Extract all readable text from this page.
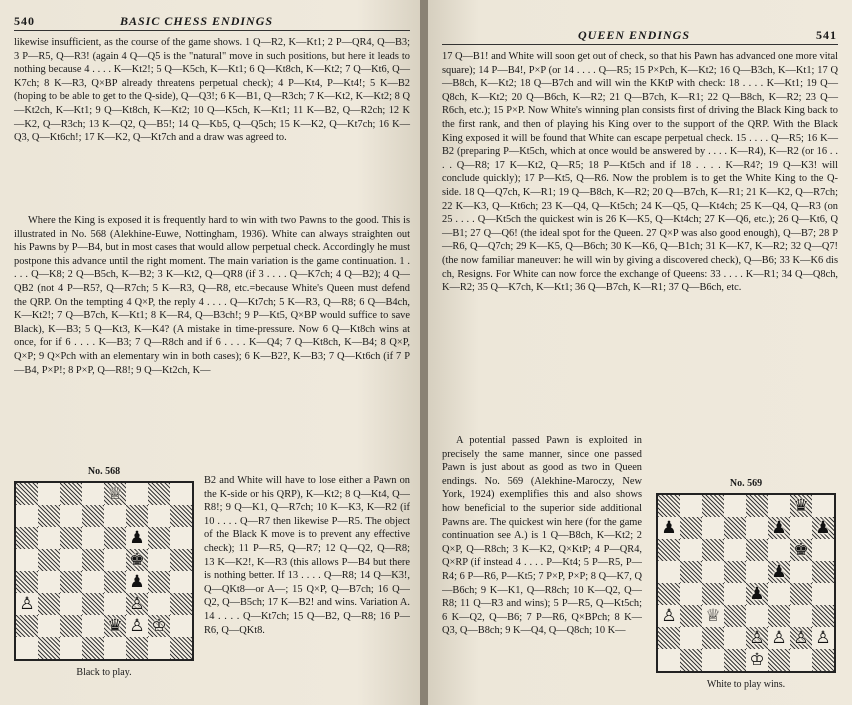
540	BASIC CHESS ENDINGS

likewise insufficient, as the course of the game shows. 1 Q—R2, K—Kt1; 2 P—QR4, Q—B3; 3 P—R5, Q—R3! (again 4 Q—Q5 is the "natural" move in such positions, but here it leads to nothing because 4 . . . . K—Kt2!; 5 Q—K5ch, K—Kt1; 6 Q—Kt8ch, K—Kt2; 7 Q—Kt6, Q—K7ch; 8 K—R3, Q×BP already threatens perpetual check); 4 P—Kt4, P—Kt4!; 5 K—B2 (hoping to be able to get to the Q-side), Q—Q3!; 6 K—B1, Q—R3ch; 7 K—Kt2, K—Kt2; 8 Q—Kt2ch, K—Kt1; 9 Q—Kt8ch, K—Kt2; 10 Q—K5ch, K—Kt1; 11 K—B2, Q—R2ch; 12 K—K2, Q—R3ch; 13 K—Q2, Q—B5!; 14 Q—Kb5, Q—Q5ch; 15 K—K2, Q—Kt7ch; 16 K—Q3, Q—Kt6ch!; 17 K—K2, Q—Kt7ch and a draw was agreed to.

Where the King is exposed it is frequently hard to win with two Pawns to the good. This is illustrated in No. 568 (Alekhine-Euwe, Nottingham, 1936). White can always straighten out his Pawns by P—B4, but in most cases that would allow perpetual check. Accordingly he must postpone this advance until the right moment. The main variation is the game continuation. 1 . . . . Q—K8; 2 Q—B5ch, K—B2; 3 K—Kt2, Q—QR8 (if 3 . . . . Q—K7ch; 4 Q—B2); 4 Q—QB2 (not 4 P—R5?, Q—R7ch; 5 K—R3, Q—R8, etc.=because White's Queen must defend the QRP. On the tempting 4 Q×P, the reply 4 . . . . Q—Kt7ch; 5 K—R3, Q—R8; 6 Q—B4ch, K—Kt2!; 7 Q—B7ch, K—Kt1; 8 K—R4, Q—B3ch!; 9 P—Kt5, Q×BP would suffice to save Black), K—B3; 5 Q—Kt3, K—K4? (A mistake in time-pressure. Now 6 Q—Kt8ch wins at once, for if 6 . . . . K—B3; 7 Q—R8ch and if 6 . . . . K—Q4; 7 Q—Kt8ch, K—B4; 8 Q×P, Q×P; 9 Q×Pch with an elementary win in both cases); 6 K—B2?, K—B3; 7 Q—Kt6ch (if 7 P—B4, P×P!; 8 P×P, Q—R8!; 9 Q—Kt2ch, K—

No. 568
♕
♟
♚
♟
♙	♙
♛ ♙ ♔
Black to play.

B2 and White will have to lose either a Pawn on the K-side or his QRP), K—Kt2; 8 Q—Kt4, Q—R8!; 9 Q—K1, Q—R7ch; 10 K—K3, K—R2 (if 10 . . . . Q—R7 then likewise P—R5. The object of the Black K move is to prevent any effective check); 11 P—R5, Q—R7; 12 Q—Q2, Q—R8; 13 K—K2!, K—R3 (this allows P—B4 but there is nothing better. If 13 . . . . Q—R8; 14 Q—K3!, Q—QKt8—or A—; 15 Q×P, Q—B7ch; 16 Q—Q2, Q—B5ch; 17 K—B2! and wins. Variation A. 14 . . . . Q—Kt7ch; 15 Q—B2, Q—R8; 16 P—R6, Q—QKt8.

QUEEN ENDINGS	541

17 Q—B1! and White will soon get out of check, so that his Pawn has advanced one more vital square); 14 P—B4!, P×P (or 14 . . . . Q—R5; 15 P×Pch, K—Kt2; 16 Q—B3ch, K—Kt1; 17 Q—B8ch, K—Kt2; 18 Q—B7ch and will win the KKtP with check: 18 . . . . K—Kt1; 19 Q—Q8ch, K—Kt2; 20 Q—B6ch, K—R2; 21 Q—B7ch, K—R1; 22 Q—B8ch, K—R2; 23 Q—R6ch, etc.); 15 P×P. Now White's winning plan consists first of driving the Black King back to the first rank, and then of playing his King over to the support of the QRP. With the Black King exposed it will be found that White can escape perpetual check. 15 . . . . Q—R5; 16 K—B2 (preparing P—Kt5ch, which at once would be answered by . . . . K—R4), K—R2 (or 16 . . . . Q—R8; 17 K—Kt2, Q—R5; 18 P—Kt5ch and if 18 . . . . K—R4?; 19 Q—K3! will conclude quickly); 17 P—Kt5, Q—R6. Now the problem is to get the White King to the Q-side. 18 Q—Q7ch, K—R1; 19 Q—B8ch, K—R2; 20 Q—B7ch, K—R1; 21 K—K2, Q—R7ch; 22 K—K3, Q—Kt6ch; 23 K—Q4, Q—Kt5ch; 24 K—Q5, Q—Kt4ch; 25 K—Q4, Q—R3 (on 25 . . . . Q—Kt5ch the quickest win is 26 K—K5, Q—Kt4ch; 27 K—Q6, etc.); 26 Q—Kt6, Q—B1; 27 Q—Q6! (the ideal spot for the Queen. 27 Q×P was also good enough), Q—B7; 28 P—R6, Q—Q7ch; 29 K—K5, Q—B6ch; 30 K—K6, Q—B1ch; 31 K—K7, K—R2; 32 Q—Q7! (the now familiar maneuver: he will win by giving a discovered check), Q—B6; 33 K—K6 dis ch, Resigns. For White can now force the exchange of Queens: 33 . . . . K—R1; 34 Q—Q8ch, K—R2; 35 Q—K7ch, K—Kt1; 36 Q—B7ch, K—R1; 37 Q—B6ch, etc.

A potential passed Pawn is exploited in precisely the same manner, since one passed Pawn is just about as good as two in Queen endings. No. 569 (Alekhine-Maroczy, New York, 1924) exemplifies this and also shows how beneficial to the superior side additional Pawns are. The quickest win here (for the game continuation see A.) is 1 Q—B8ch, K—Kt2; 2 Q×P, Q—R8ch; 3 K—K2, Q×KtP; 4 P—QR4, Q×RP (if instead 4 . . . . P—Kt4; 5 P—R5, P—R4; 6 P—R6, P—Kt5; 7 P×P, P×P; 8 Q—K7, Q—B6ch; 9 K—K1, Q—R8ch; 10 K—Q2, Q—R8; 11 Q—R3 and wins); 5 P—R5, Q—Kt5ch; 6 K—Q2, Q—B6; 7 P—R6, Q×BPch; 8 K—Q3, Q—B8ch; 9 K—Q4, Q—Q8ch; 10 K—

No. 569
♛
♟	♟ ♟
♚
♟
♟
♙ ♕
♙ ♙ ♙ ♙
♔
White to play wins.
